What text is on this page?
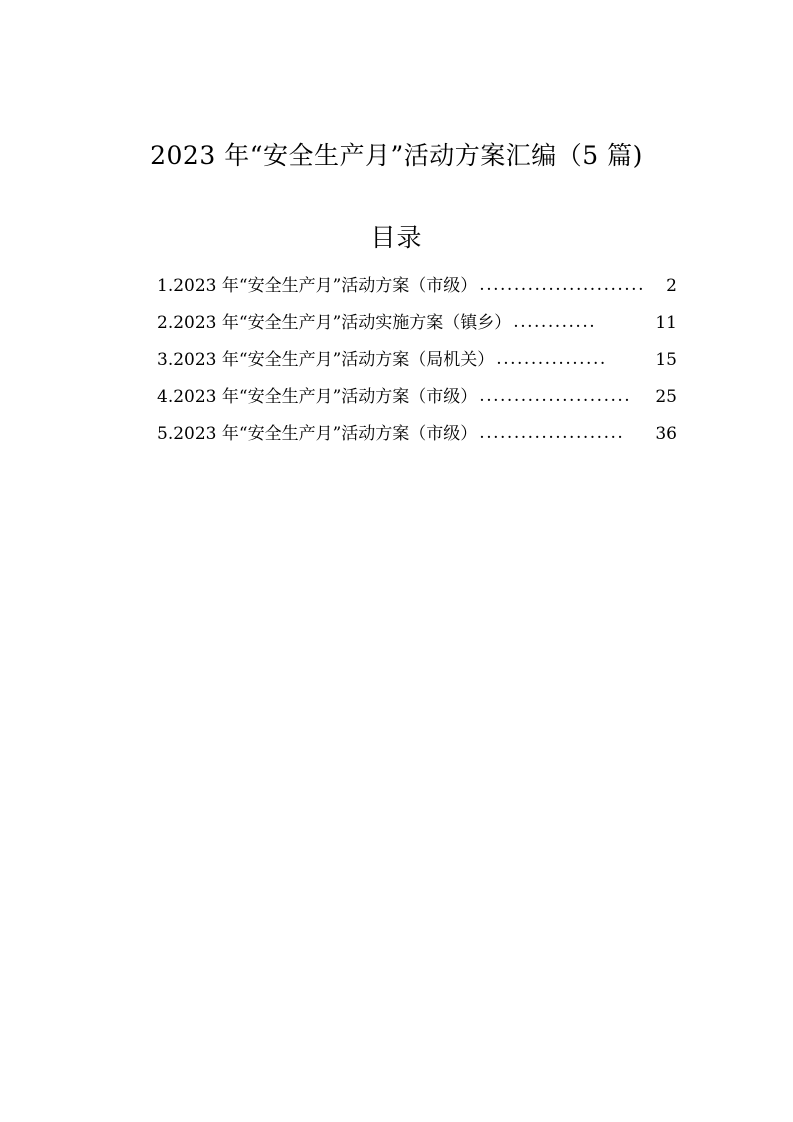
2023 年“安全生产月”活动方案汇编（5 篇)
目录
1. 2023 年“安全生产月”活动方案（市级） ........................	2
2. 2023 年“安全生产月”活动实施方案（镇乡） ............	11
3. 2023 年“安全生产月”活动方案（局机关） ................	15
4. 2023 年“安全生产月”活动方案（市级） ......................	25
5. 2023 年“安全生产月”活动方案（市级） .....................	36
